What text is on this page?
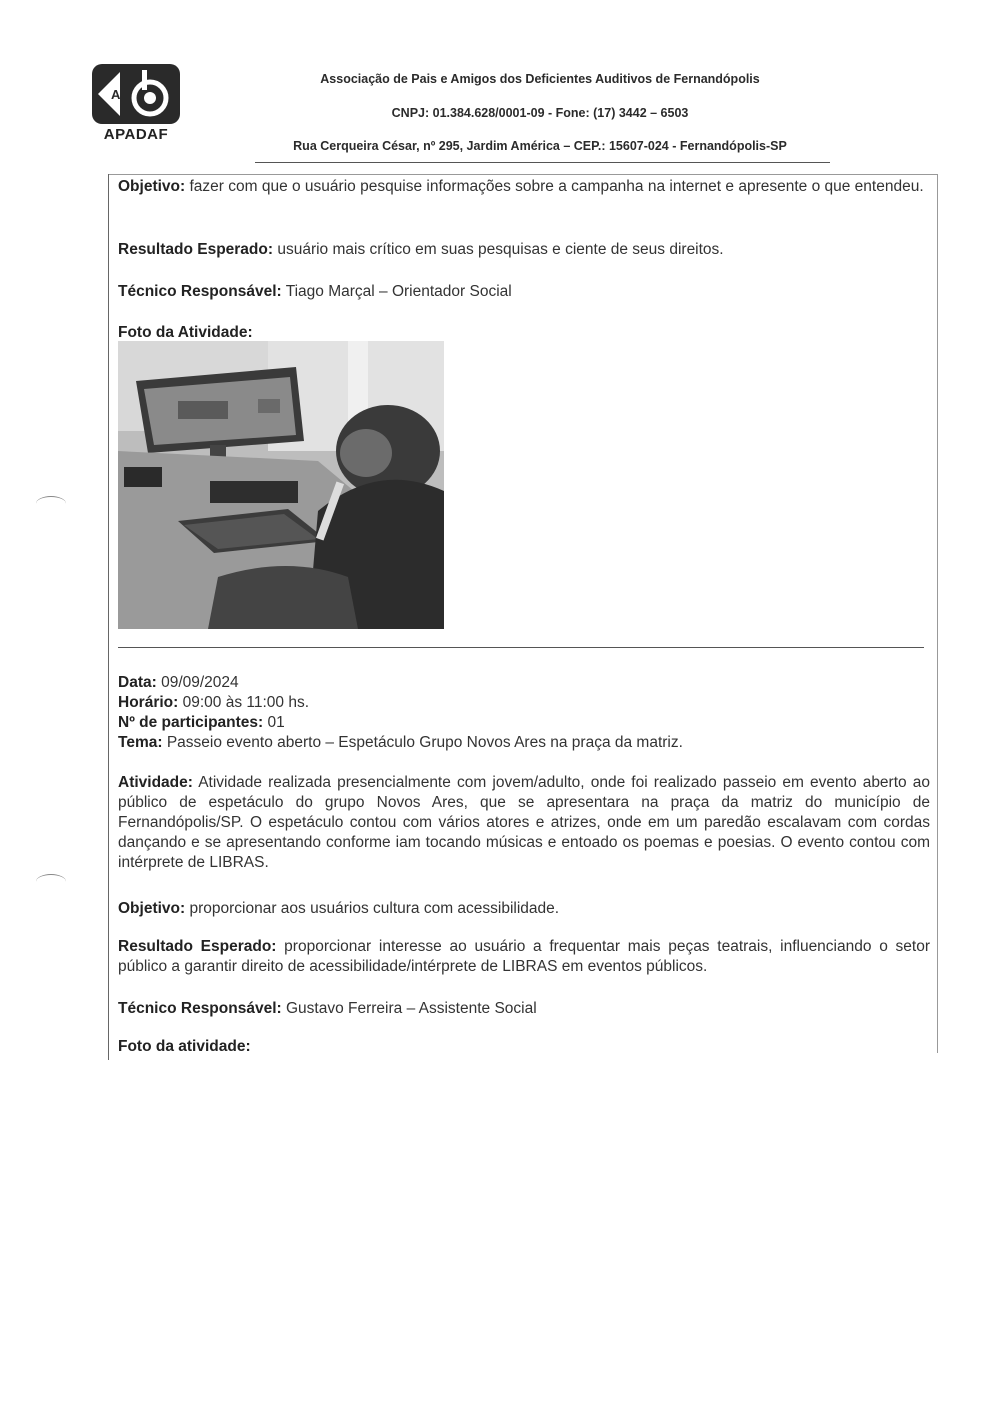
A
APADAF
Associação de Pais e Amigos dos Deficientes Auditivos de Fernandópolis
CNPJ: 01.384.628/0001-09 - Fone: (17) 3442 – 6503
Rua Cerqueira César, nº 295, Jardim América – CEP.: 15607-024 - Fernandópolis-SP
Objetivo: fazer com que o usuário pesquise informações sobre a campanha na internet e apresente o que entendeu.
Resultado Esperado: usuário mais crítico em suas pesquisas e ciente de seus direitos.
Técnico Responsável: Tiago Marçal – Orientador Social
Foto da Atividade:
Data: 09/09/2024
Horário: 09:00 às 11:00 hs.
Nº de participantes: 01
Tema: Passeio evento aberto – Espetáculo Grupo Novos Ares na praça da matriz.
Atividade: Atividade realizada presencialmente com jovem/adulto, onde foi realizado passeio em evento aberto ao público de espetáculo do grupo Novos Ares, que se apresentara na praça da matriz do município de Fernandópolis/SP. O espetáculo contou com vários atores e atrizes, onde em um paredão escalavam com cordas dançando e se apresentando conforme iam tocando músicas e entoado os poemas e poesias. O evento contou com intérprete de LIBRAS.
Objetivo: proporcionar aos usuários cultura com acessibilidade.
Resultado Esperado: proporcionar interesse ao usuário a frequentar mais peças teatrais, influenciando o setor público a garantir direito de acessibilidade/intérprete de LIBRAS em eventos públicos.
Técnico Responsável: Gustavo Ferreira – Assistente Social
Foto da atividade:
